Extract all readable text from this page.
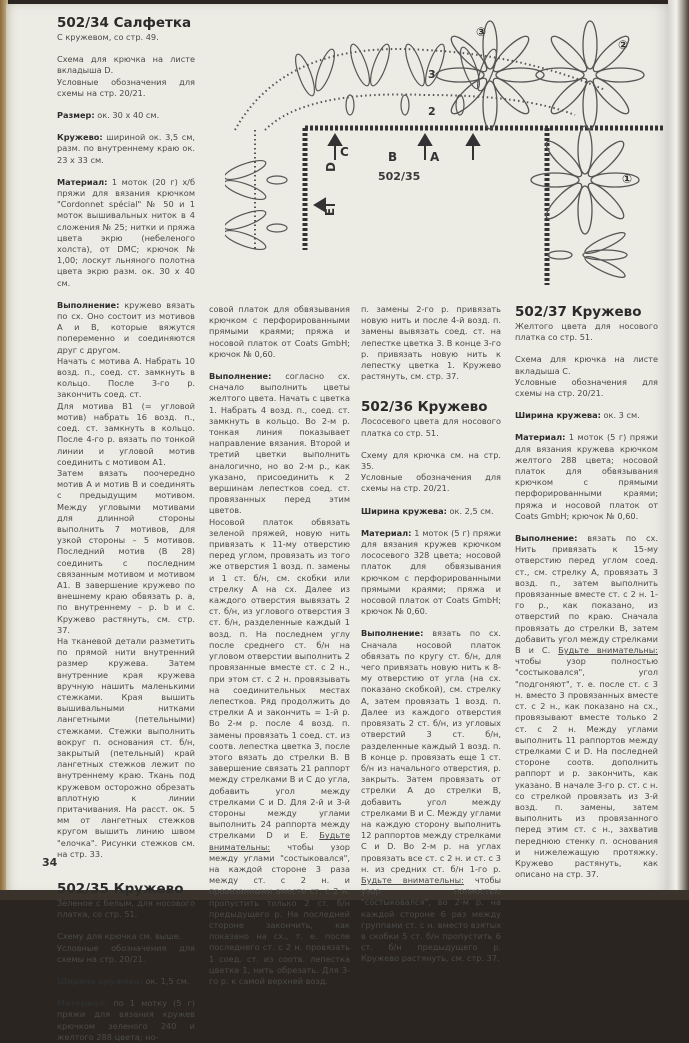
502/34 Салфетка

С кружевом, со стр. 49.

Схема для крючка на листе вкладыша D.

Условные обозначения для схемы на стр. 20/21.

Размер: ок. 30 х 40 см.

Кружево: шириной ок. 3,5 см, разм. по внутреннему краю ок. 23 х 33 см.

Материал: 1 моток (20 г) х/б пряжи для вязания крючком "Cordonnet spécial" № 50 и 1 моток вышивальных ниток в 4 сложения № 25; нитки и пряжа цвета экрю (небеленого холста), от DMC; крючок № 1,00; лоскут льняного полотна цвета экрю разм. ок. 30 х 40 см.

Выполнение: кружево вязать по сх. Оно состоит из мотивов А и В, которые вяжутся попеременно и соединяются друг с другом.

Начать с мотива А. Набрать 10 возд. п., соед. ст. замкнуть в кольцо. После 3-го р. закончить соед. ст.

Для мотива В1 (= угловой мотив) набрать 16 возд. п., соед. ст. замкнуть в кольцо. После 4-го р. вязать по тонкой линии и угловой мотив соединить с мотивом А1.

Затем вязать поочередно мотив А и мотив В и соединять с предыдущим мотивом. Между угловыми мотивами для длинной стороны выполнить 7 мотивов, для узкой стороны – 5 мотивов. Последний мотив (В 28) соединить с последним связанным мотивом и мотивом А1. В завершение кружево по внешнему краю обвязать р. а, по внутреннему – р. b и с. Кружево растянуть, см. стр. 37.

На тканевой детали разметить по прямой нити внутренний размер кружева. Затем внутренние края кружева вручную нашить маленькими стежками. Края вышить вышивальными нитками лангетными (петельными) стежками. Стежки выполнить вокруг п. основания ст. б/н, закрытый (петельный) край лангетных стежков лежит по внутреннему краю. Ткань под кружевом осторожно обрезать вплотную к линии притачивания. На расст. ок. 5 мм от лангетных стежков кругом вышить линию швом "елочка". Рисунки стежков см. на стр. 33.

502/35 Кружево

Зеленое с белым, для носового платка, со стр. 51.

Схему для крючка см. выше.

Условные обозначения для схемы на стр. 20/21.

Ширина кружева: ок. 1,5 см.

Материал: по 1 мотку (5 г) пряжи для вязания кружев крючком зеленого 240 и желтого 288 цвета; но-

34
502/35
A
B
C
D
E
2
3
①
②
③

совой платок для обвязывания крючком с перфорированными прямыми краями; пряжа и носовой платок от Coats GmbH; крючок № 0,60.

Выполнение: согласно сх. сначало выполнить цветы желтого цвета. Начать с цветка 1. Набрать 4 возд. п., соед. ст. замкнуть в кольцо. Во 2-м р. тонкая линия показывает направление вязания. Второй и третий цветки выполнить аналогично, но во 2-м р., как указано, присоединить к 2 вершинам лепестков соед. ст. провязанных перед этим цветов.

Носовой платок обвязать зеленой пряжей, новую нить привязать к 11-му отверстию перед углом, провязать из того же отверстия 1 возд. п. замены и 1 ст. б/н, см. скобки или стрелку А на сх. Далее из каждого отверстия вывязать 2 ст. б/н, из углового отверстия 3 ст. б/н, разделенные каждый 1 возд. п. На последнем углу после среднего ст. б/н на угловом отверстии выполнить 2 провязанные вместе ст. с 2 н., при этом ст. с 2 н. провязывать на соединительных местах лепестков. Ряд продолжить до стрелки А и закончить = 1-й р. Во 2-м р. после 4 возд. п. замены провязать 1 соед. ст. из соотв. лепестка цветка 3, после этого вязать до стрелки В. В завершение связать 21 раппорт между стрелками В и С до угла, добавить угол между стрелками С и D. Для 2-й и 3-й стороны между углами выполнить 24 раппорта между стрелками D и E. Будьте внимательны: чтобы узор между углами "состыковался", на каждой стороне 3 раза между ст. с 2 н. и провязанными вместе ст. с 2 н. пропустить только 2 ст. б/н предыдущего р. На последней стороне закончить, как показано на сх., т. е. после последнего ст. с 2 н. провязать 1 соед. ст. из соотв. лепестка цветка 1, нить обрезать. Для 3-го р. к самой верхней возд.

п. замены 2-го р. привязать новую нить и после 4-й возд. п. замены вывязать соед. ст. на лепестке цветка 3. В конце 3-го р. привязать новую нить к лепестку цветка 1. Кружево растянуть, см. стр. 37.

502/36 Кружево

Лососевого цвета для носового платка со стр. 51.

Схему для крючка см. на стр. 35.

Условные обозначения для схемы на стр. 20/21.

Ширина кружева: ок. 2,5 см.

Материал: 1 моток (5 г) пряжи для вязания кружев крючком лососевого 328 цвета; носовой платок для обвязывания крючком с перфорированными прямыми краями; пряжа и носовой платок от Coats GmbH; крючок № 0,60.

Выполнение: вязать по сх. Сначала носовой платок обвязать по кругу ст. б/н, для чего привязать новую нить к 8-му отверстию от угла (на сх. показано скобкой), см. стрелку А, затем провязать 1 возд. п. Далее из каждого отверстия провязать 2 ст. б/н, из угловых отверстий 3 ст. б/н, разделенные каждый 1 возд. п. В конце р. провязать еще 1 ст. б/н из начального отверстия, р. закрыть. Затем провязать от стрелки А до стрелки В, добавить угол между стрелками В и С. Между углами на каждую сторону выполнить 12 раппортов между стрелками С и D. Во 2-м р. на углах провязать все ст. с 2 н. и ст. с 3 н. из средних ст. б/н 1-го р. Будьте внимательны: чтобы узор полностью "состыковался", во 2-м р. на каждой стороне 6 раз между группами ст. с н. вместо взятых в скобки 5 ст. б/н пропустить 6 ст. б/н предыдущего р. Кружево растянуть, см. стр. 37.

502/37 Кружево

Желтого цвета для носового платка со стр. 51.

Схема для крючка на листе вкладыша С.

Условные обозначения для схемы на стр. 20/21.

Ширина кружева: ок. 3 см.

Материал: 1 моток (5 г) пряжи для вязания кружева крючком желтого 288 цвета; носовой платок для обвязывания крючком с прямыми перфорированными краями; пряжа и носовой платок от Coats GmbH; крючок № 0,60.

Выполнение: вязать по сх. Нить привязать к 15-му отверстию перед углом соед. ст., см. стрелку А, провязать 3 возд. п., затем выполнить провязанные вместе ст. с 2 н. 1-го р., как показано, из отверстий по краю. Сначала провязать до стрелки В, затем добавить угол между стрелками В и С. Будьте внимательны: чтобы узор полностью "состыковался", угол "подгоняют", т. е. после ст. с 3 н. вместо 3 провязанных вместе ст. с 2 н., как показано на сх., провязывают вместе только 2 ст. с 2 н. Между углами выполнить 11 раппортов между стрелками С и D. На последней стороне соотв. дополнить раппорт и р. закончить, как указано. В начале 3-го р. ст. с н. со стрелкой провязать из 3-й возд. п. замены, затем выполнить из провязанного перед этим ст. с н., захватив переднюю стенку п. основания и нижележащую протяжку. Кружево растянуть, как описано на стр. 37.
